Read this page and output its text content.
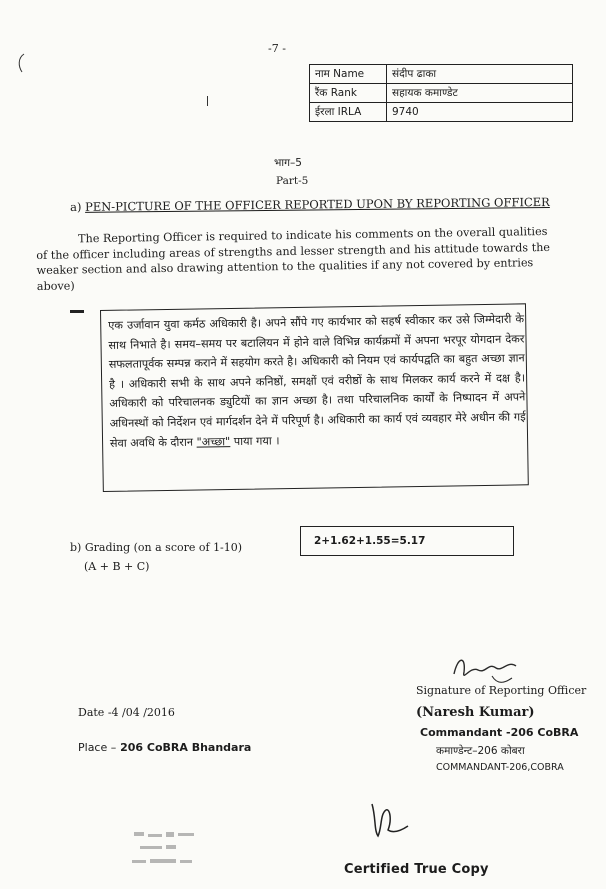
-7 -
नाम Name	संदीप ढाका
रैंक Rank	सहायक कमाण्डेट
ईरला IRLA	9740
भाग–5
Part-5
a) PEN-PICTURE OF THE OFFICER REPORTED UPON BY REPORTING OFFICER
The Reporting Officer is required to indicate his comments on the overall qualities of the officer including areas of strengths and lesser strength and his attitude towards the weaker section and also drawing attention to the qualities if any not covered by entries above)
एक उर्जावान युवा कर्मठ अधिकारी है। अपने सौंपे गए कार्यभार को सहर्ष स्वीकार कर उसे जिम्मेदारी के साथ निभाते है। समय–समय पर बटालियन में होने वाले विभिन्न कार्यक्रमों में अपना भरपूर योगदान देकर सफलतापूर्वक सम्पन्न कराने में सहयोग करते है। अधिकारी को नियम एवं कार्यपद्वति का बहुत अच्छा ज्ञान है । अधिकारी सभी के साथ अपने कनिष्ठों, समक्षों एवं वरीष्ठों के साथ मिलकर कार्य करने में दक्ष है। अधिकारी को परिचालनक ड्युटियों का ज्ञान अच्छा है। तथा परिचालनिक कार्यों के निष्पादन में अपने अधिनस्थों को निर्देशन एवं मार्गदर्शन देने में परिपूर्ण है। अधिकारी का कार्य एवं व्यवहार मेरे अधीन की गई सेवा अवधि के दौरान "अच्छा" पाया गया ।
b) Grading (on a score of 1-10)
(A + B + C)
2+1.62+1.55=5.17
Signature of Reporting Officer
(Naresh Kumar)
Commandant -206 CoBRA
कमाण्डेन्ट–206 कोबरा
COMMANDANT-206,COBRA
Date -4 /04 /2016
Place – 206 CoBRA Bhandara
Certified True Copy
